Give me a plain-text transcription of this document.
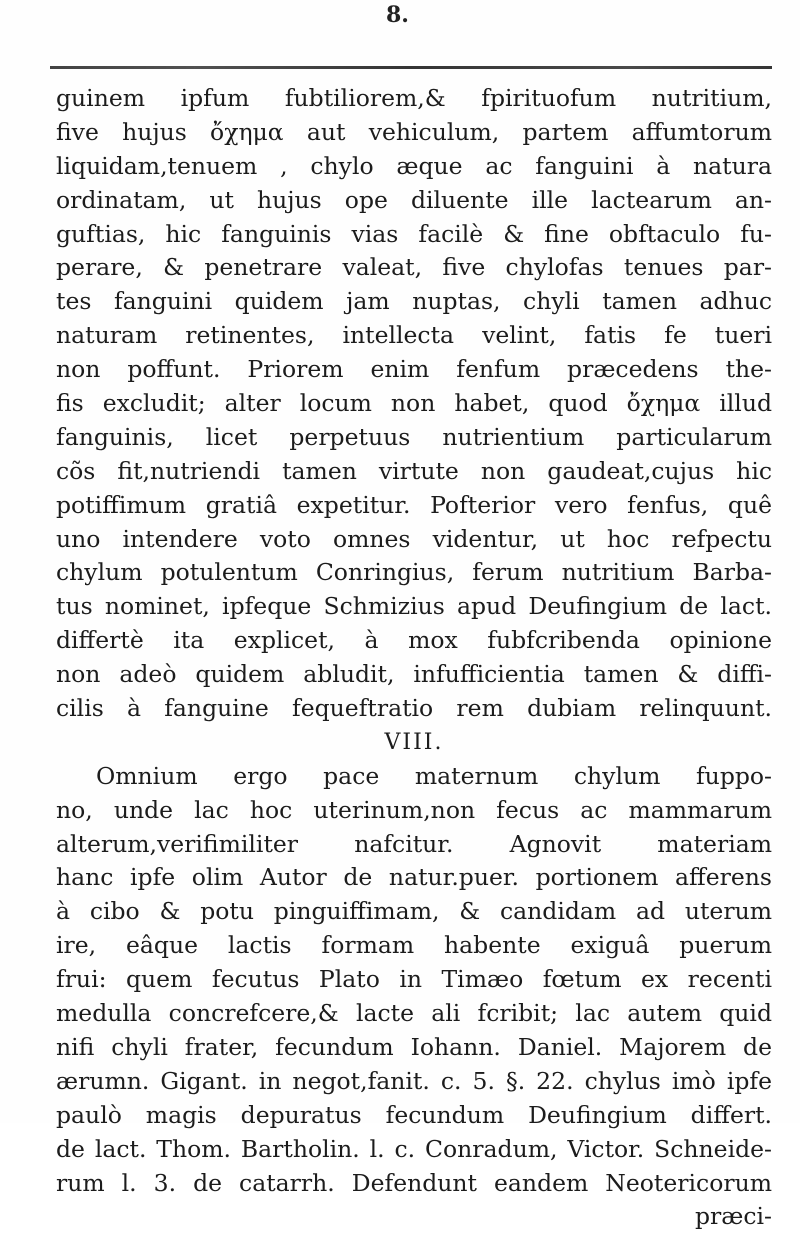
8.
guinem ipfum fubtiliorem,& fpirituofum nutritium,
five hujus ὄχημα aut vehiculum, partem affumtorum
liquidam,tenuem , chylo æque ac fanguini à natura
ordinatam, ut hujus ope diluente ille lactearum an-
guftias, hic fanguinis vias facilè & fine obftaculo fu-
perare, & penetrare valeat, five chylofas tenues par-
tes fanguini quidem jam nuptas, chyli tamen adhuc
naturam retinentes, intellecta velint, fatis fe tueri
non poffunt. Priorem enim fenfum præcedens the-
fis excludit; alter locum non habet, quod ὄχημα illud
fanguinis, licet perpetuus nutrientium particularum
cõs fit,nutriendi tamen virtute non gaudeat,cujus hic
potiffimum gratiâ expetitur. Pofterior vero fenfus, quê
uno intendere voto omnes videntur, ut hoc refpectu
chylum potulentum Conringius, ferum nutritium Barba-
tus nominet, ipfeque Schmizius apud Deufingium de lact.
differtè ita explicet, à mox fubfcribenda opinione
non adeò quidem abludit, infufficientia tamen & diffi-
cilis à fanguine fequeftratio rem dubiam relinquunt.
VIII.
Omnium ergo pace maternum chylum fuppo-
no, unde lac hoc uterinum,non fecus ac mammarum
alterum,verifimiliter nafcitur. Agnovit materiam
hanc ipfe olim Autor de natur.puer. portionem afferens
à cibo & potu pinguiffimam, & candidam ad uterum
ire, eâque lactis formam habente exiguâ puerum
frui: quem fecutus Plato in Timæo fœtum ex recenti
medulla concrefcere,& lacte ali fcribit; lac autem quid
nifi chyli frater, fecundum Iohann. Daniel. Majorem de
ærumn. Gigant. in negot,fanit. c. 5. §. 22. chylus imò ipfe
paulò magis depuratus fecundum Deufingium differt.
de lact. Thom. Bartholin. l. c. Conradum, Victor. Schneide-
rum l. 3. de catarrh. Defendunt eandem Neotericorum
præci-
